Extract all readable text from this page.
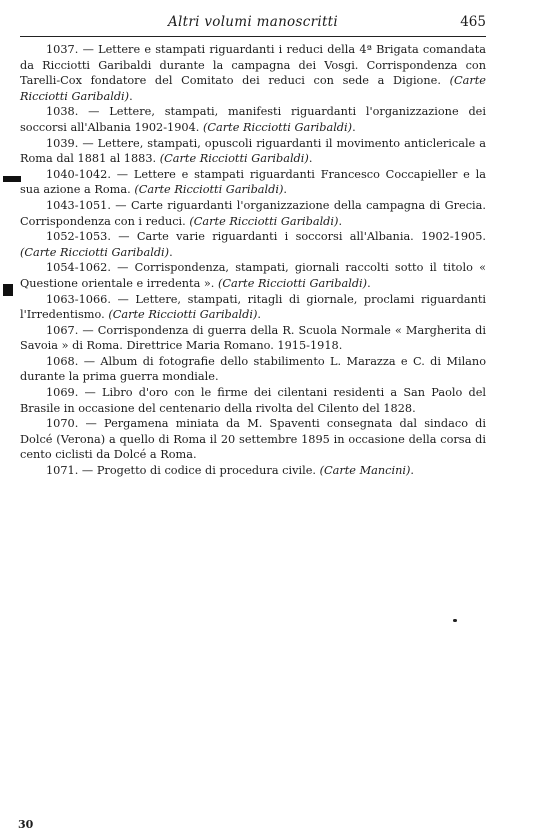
Altri volumi manoscritti	465

1037. — Lettere e stampati riguardanti i reduci della 4ª Brigata comandata da Ricciotti Garibaldi durante la campagna dei Vosgi. Corrispondenza con Tarelli-Cox fondatore del Comitato dei reduci con sede a Digione. (Carte Ricciotti Garibaldi).

1038. — Lettere, stampati, manifesti riguardanti l'organizzazione dei soccorsi all'Albania 1902-1904. (Carte Ricciotti Garibaldi).

1039. — Lettere, stampati, opuscoli riguardanti il movimento anticlericale a Roma dal 1881 al 1883. (Carte Ricciotti Garibaldi).

1040-1042. — Lettere e stampati riguardanti Francesco Coccapieller e la sua azione a Roma. (Carte Ricciotti Garibaldi).

1043-1051. — Carte riguardanti l'organizzazione della campagna di Grecia. Corrispondenza con i reduci. (Carte Ricciotti Garibaldi).

1052-1053. — Carte varie riguardanti i soccorsi all'Albania. 1902-1905. (Carte Ricciotti Garibaldi).

1054-1062. — Corrispondenza, stampati, giornali raccolti sotto il titolo « Questione orientale e irredenta ». (Carte Ricciotti Garibaldi).

1063-1066. — Lettere, stampati, ritagli di giornale, proclami riguardanti l'Irredentismo. (Carte Ricciotti Garibaldi).

1067. — Corrispondenza di guerra della R. Scuola Normale « Margherita di Savoia » di Roma. Direttrice Maria Romano. 1915-1918.

1068. — Album di fotografie dello stabilimento L. Marazza e C. di Milano durante la prima guerra mondiale.

1069. — Libro d'oro con le firme dei cilentani residenti a San Paolo del Brasile in occasione del centenario della rivolta del Cilento del 1828.

1070. — Pergamena miniata da M. Spaventi consegnata dal sindaco di Dolcé (Verona) a quello di Roma il 20 settembre 1895 in occasione della corsa di cento ciclisti da Dolcé a Roma.

1071. — Progetto di codice di procedura civile. (Carte Mancini).

30
